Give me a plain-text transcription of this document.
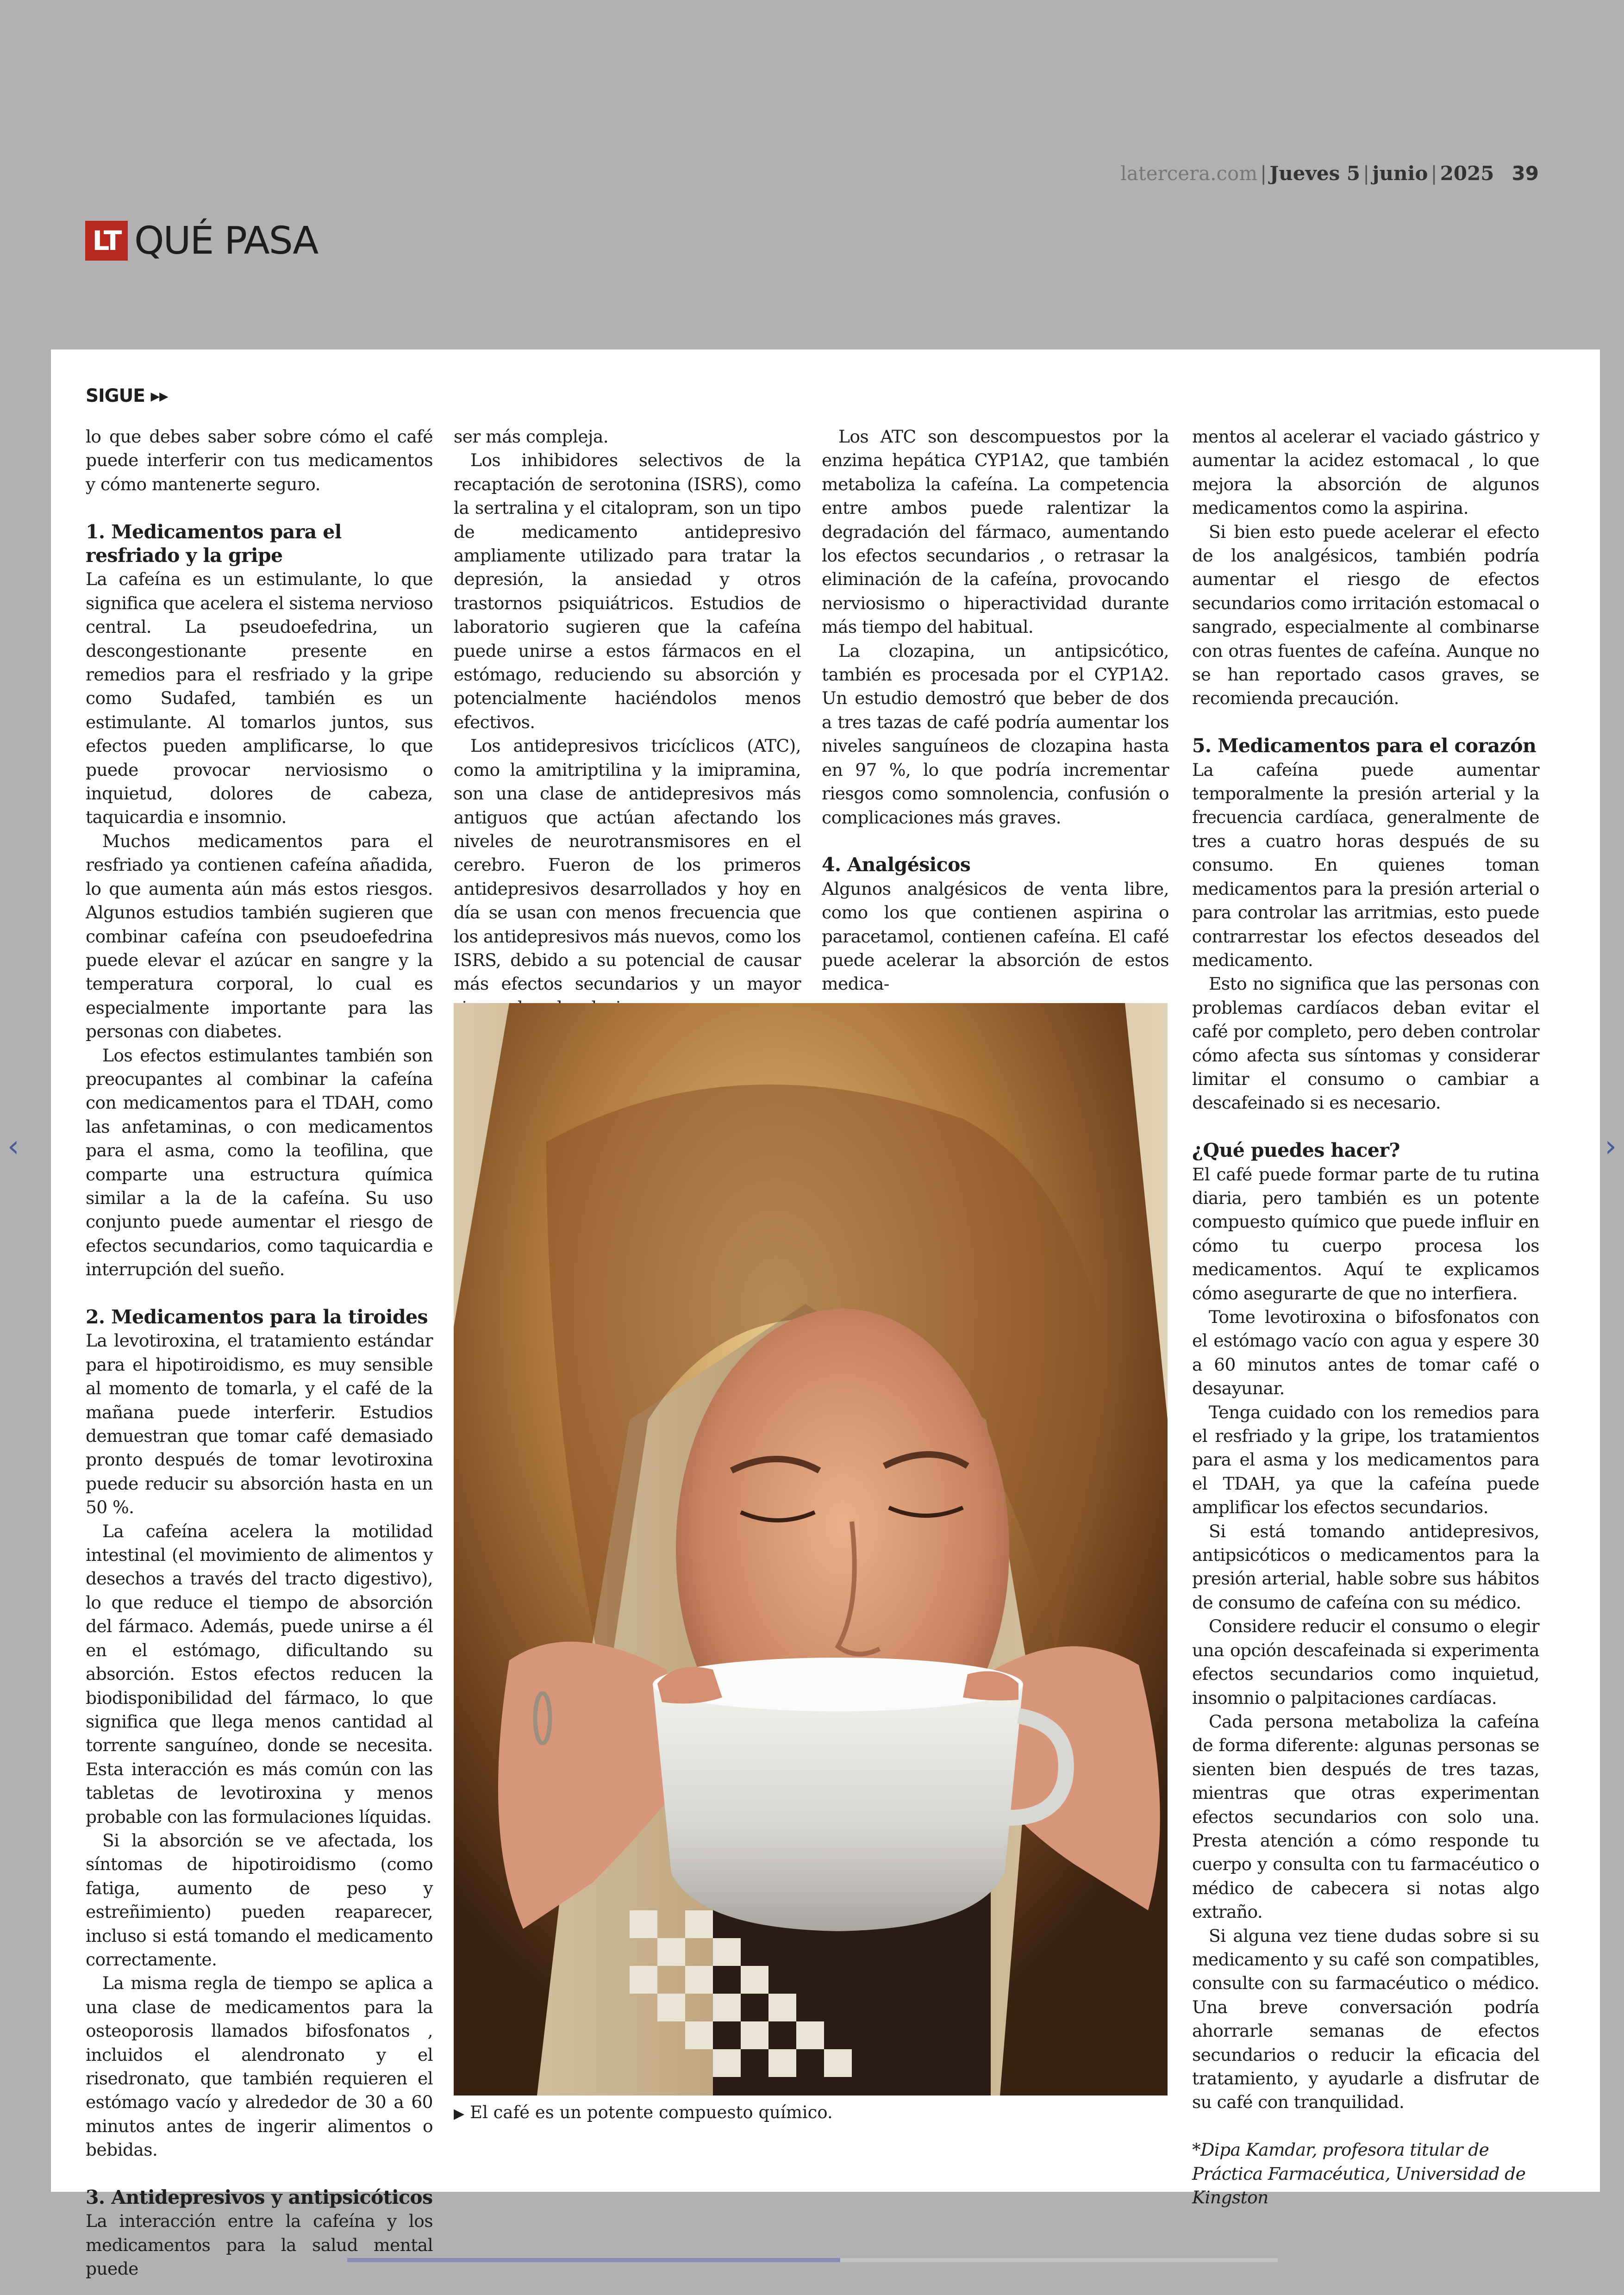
latercera.com | Jueves 5 | junio | 2025 39
LT QUÉ PASA
SIGUE ▸▸

lo que debes saber sobre cómo el café puede interferir con tus medicamentos y cómo mantenerte seguro.

1. Medicamentos para el resfriado y la gripe

La cafeína es un estimulante, lo que significa que acelera el sistema nervioso central. La pseudoefedrina, un descongestionante presente en remedios para el resfriado y la gripe como Sudafed, también es un estimulante. Al tomarlos juntos, sus efectos pueden amplificarse, lo que puede provocar nerviosismo o inquietud, dolores de cabeza, taquicardia e insomnio.

Muchos medicamentos para el resfriado ya contienen cafeína añadida, lo que aumenta aún más estos riesgos. Algunos estudios también sugieren que combinar cafeína con pseudoefedrina puede elevar el azúcar en sangre y la temperatura corporal, lo cual es especialmente importante para las personas con diabetes.

Los efectos estimulantes también son preocupantes al combinar la cafeína con medicamentos para el TDAH, como las anfetaminas, o con medicamentos para el asma, como la teofilina, que comparte una estructura química similar a la de la cafeína. Su uso conjunto puede aumentar el riesgo de efectos secundarios, como taquicardia e interrupción del sueño.

2. Medicamentos para la tiroides

La levotiroxina, el tratamiento estándar para el hipotiroidismo, es muy sensible al momento de tomarla, y el café de la mañana puede interferir. Estudios demuestran que tomar café demasiado pronto después de tomar levotiroxina puede reducir su absorción hasta en un 50 %.

La cafeína acelera la motilidad intestinal (el movimiento de alimentos y desechos a través del tracto digestivo), lo que reduce el tiempo de absorción del fármaco. Además, puede unirse a él en el estómago, dificultando su absorción. Estos efectos reducen la biodisponibilidad del fármaco, lo que significa que llega menos cantidad al torrente sanguíneo, donde se necesita. Esta interacción es más común con las tabletas de levotiroxina y menos probable con las formulaciones líquidas.

Si la absorción se ve afectada, los síntomas de hipotiroidismo (como fatiga, aumento de peso y estreñimiento) pueden reaparecer, incluso si está tomando el medicamento correctamente.

La misma regla de tiempo se aplica a una clase de medicamentos para la osteoporosis llamados bifosfonatos , incluidos el alendronato y el risedronato, que también requieren el estómago vacío y alrededor de 30 a 60 minutos antes de ingerir alimentos o bebidas.

3. Antidepresivos y antipsicóticos

La interacción entre la cafeína y los medicamentos para la salud mental puede

ser más compleja.

Los inhibidores selectivos de la recaptación de serotonina (ISRS), como la sertralina y el citalopram, son un tipo de medicamento antidepresivo ampliamente utilizado para tratar la depresión, la ansiedad y otros trastornos psiquiátricos. Estudios de laboratorio sugieren que la cafeína puede unirse a estos fármacos en el estómago, reduciendo su absorción y potencialmente haciéndolos menos efectivos.

Los antidepresivos tricíclicos (ATC), como la amitriptilina y la imipramina, son una clase de antidepresivos más antiguos que actúan afectando los niveles de neurotransmisores en el cerebro. Fueron de los primeros antidepresivos desarrollados y hoy en día se usan con menos frecuencia que los antidepresivos más nuevos, como los ISRS, debido a su potencial de causar más efectos secundarios y un mayor

Los ATC son descompuestos por la enzima hepática CYP1A2, que también metaboliza la cafeína. La competencia entre ambos puede ralentizar la degradación del fármaco, aumentando los efectos secundarios , o retrasar la eliminación de la cafeína, provocando nerviosismo o hiperactividad durante más tiempo del habitual.

La clozapina, un antipsicótico, también es procesada por el CYP1A2. Un estudio demostró que beber de dos a tres tazas de café podría aumentar los niveles sanguíneos de clozapina hasta en 97 %, lo que podría incrementar riesgos como somnolencia, confusión o complicaciones más graves.

4. Analgésicos

Algunos analgésicos de venta libre, como los que contienen aspirina o paracetamol, contienen cafeína. El café puede acelerar la absorción de estos medica-

mentos al acelerar el vaciado gástrico y aumentar la acidez estomacal , lo que mejora la absorción de algunos medicamentos como la aspirina.

Si bien esto puede acelerar el efecto de los analgésicos, también podría aumentar el riesgo de efectos secundarios como irritación estomacal o sangrado, especialmente al combinarse con otras fuentes de cafeína. Aunque no se han reportado casos graves, se recomienda precaución.

5. Medicamentos para el corazón

La cafeína puede aumentar temporalmente la presión arterial y la frecuencia cardíaca, generalmente de tres a cuatro horas después de su consumo. En quienes toman medicamentos para la presión arterial o para controlar las arritmias, esto puede contrarrestar los efectos deseados del medicamento.

Esto no significa que las personas con problemas cardíacos deban evitar el café por completo, pero deben controlar cómo afecta sus síntomas y considerar limitar el consumo o cambiar a descafeinado si es necesario.

¿Qué puedes hacer?

El café puede formar parte de tu rutina diaria, pero también es un potente compuesto químico que puede influir en cómo tu cuerpo procesa los medicamentos. Aquí te explicamos cómo asegurarte de que no interfiera.

Tome levotiroxina o bifosfonatos con el estómago vacío con agua y espere 30 a 60 minutos antes de tomar café o desayunar.

Tenga cuidado con los remedios para el resfriado y la gripe, los tratamientos para el asma y los medicamentos para el TDAH, ya que la cafeína puede amplificar los efectos secundarios.

Si está tomando antidepresivos, antipsicóticos o medicamentos para la presión arterial, hable sobre sus hábitos de consumo de cafeína con su médico.

Considere reducir el consumo o elegir una opción descafeinada si experimenta efectos secundarios como inquietud, insomnio o palpitaciones cardíacas.

Cada persona metaboliza la cafeína de forma diferente: algunas personas se sienten bien después de tres tazas, mientras que otras experimentan efectos secundarios con solo una. Presta atención a cómo responde tu cuerpo y consulta con tu farmacéutico o médico de cabecera si notas algo extraño.

Si alguna vez tiene dudas sobre si su medicamento y su café son compatibles, consulte con su farmacéutico o médico. Una breve conversación podría ahorrarle semanas de efectos secundarios o reducir la eficacia del tratamiento, y ayudarle a disfrutar de su café con tranquilidad.

*Dipa Kamdar, profesora titular de Práctica Farmacéutica, Universidad de Kingston

▶ El café es un potente compuesto químico.
‹	›
